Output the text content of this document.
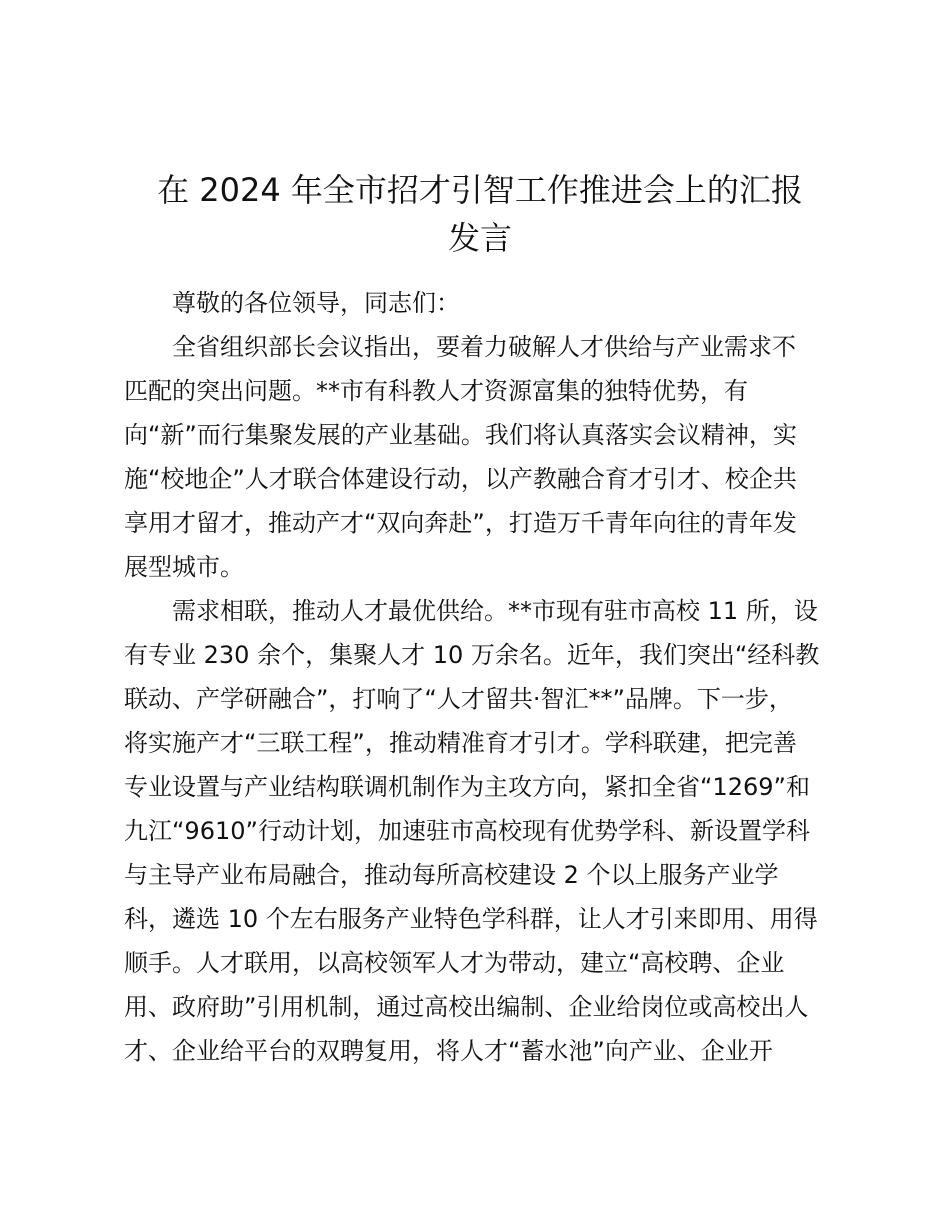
在 2024 年全市招才引智工作推进会上的汇报
发言
尊敬的各位领导，同志们：
全省组织部长会议指出，要着力破解人才供给与产业需求不
匹配的突出问题。**市有科教人才资源富集的独特优势，有
向“新”而行集聚发展的产业基础。我们将认真落实会议精神，实
施“校地企”人才联合体建设行动，以产教融合育才引才、校企共
享用才留才，推动产才“双向奔赴”，打造万千青年向往的青年发
展型城市。
需求相联，推动人才最优供给。**市现有驻市高校 11 所，设
有专业 230 余个，集聚人才 10 万余名。近年，我们突出“经科教
联动、产学研融合”，打响了“人才留共·智汇**”品牌。下一步，
将实施产才“三联工程”，推动精准育才引才。学科联建，把完善
专业设置与产业结构联调机制作为主攻方向，紧扣全省“1269”和
九江“9610”行动计划，加速驻市高校现有优势学科、新设置学科
与主导产业布局融合，推动每所高校建设 2 个以上服务产业学
科，遴选 10 个左右服务产业特色学科群，让人才引来即用、用得
顺手。人才联用，以高校领军人才为带动，建立“高校聘、企业
用、政府助”引用机制，通过高校出编制、企业给岗位或高校出人
才、企业给平台的双聘复用，将人才“蓄水池”向产业、企业开
